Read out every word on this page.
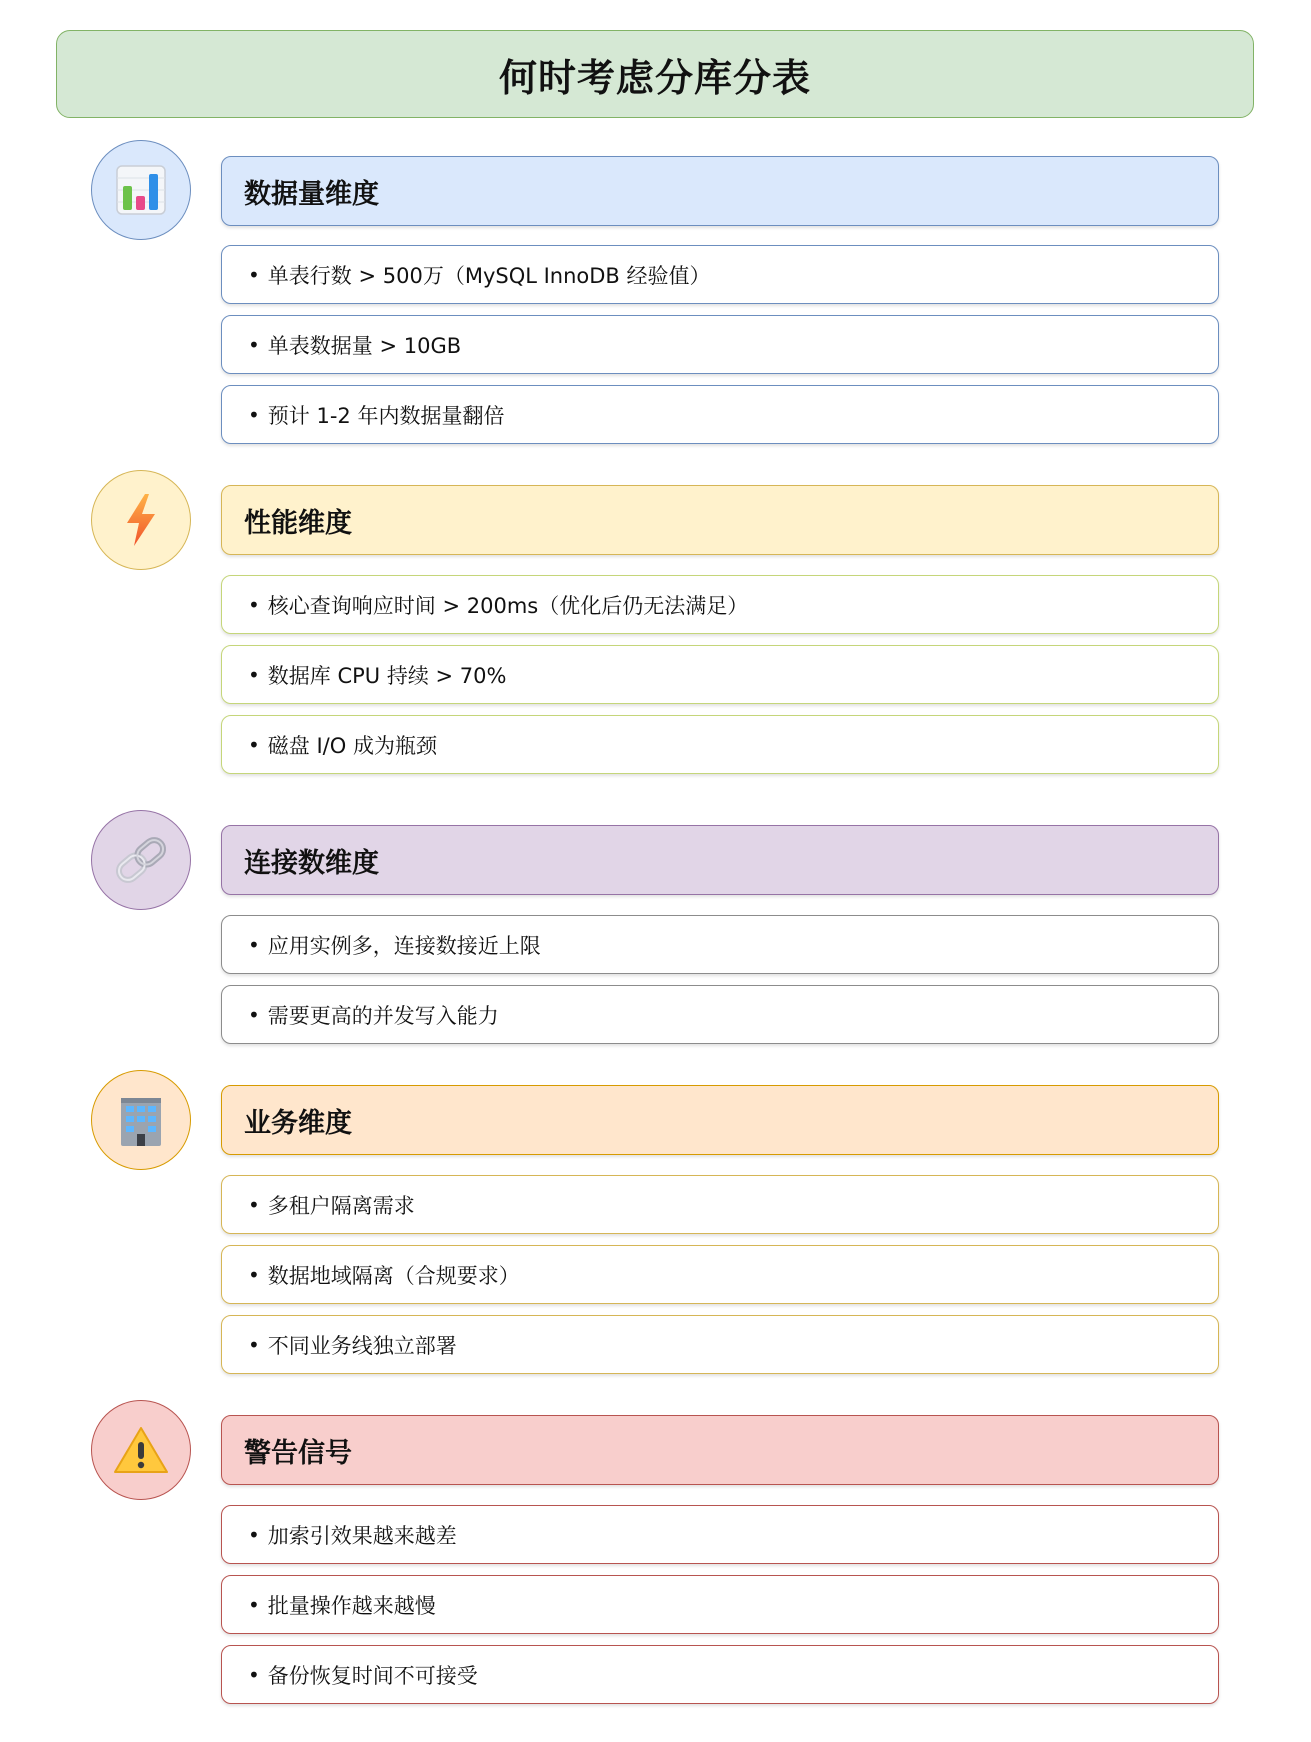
何时考虑分库分表
数据量维度
• 单表行数 > 500万（MySQL InnoDB 经验值）
• 单表数据量 > 10GB
• 预计 1-2 年内数据量翻倍
性能维度
• 核心查询响应时间 > 200ms（优化后仍无法满足）
• 数据库 CPU 持续 > 70%
• 磁盘 I/O 成为瓶颈
连接数维度
• 应用实例多，连接数接近上限
• 需要更高的并发写入能力
业务维度
• 多租户隔离需求
• 数据地域隔离（合规要求）
• 不同业务线独立部署
警告信号
• 加索引效果越来越差
• 批量操作越来越慢
• 备份恢复时间不可接受
